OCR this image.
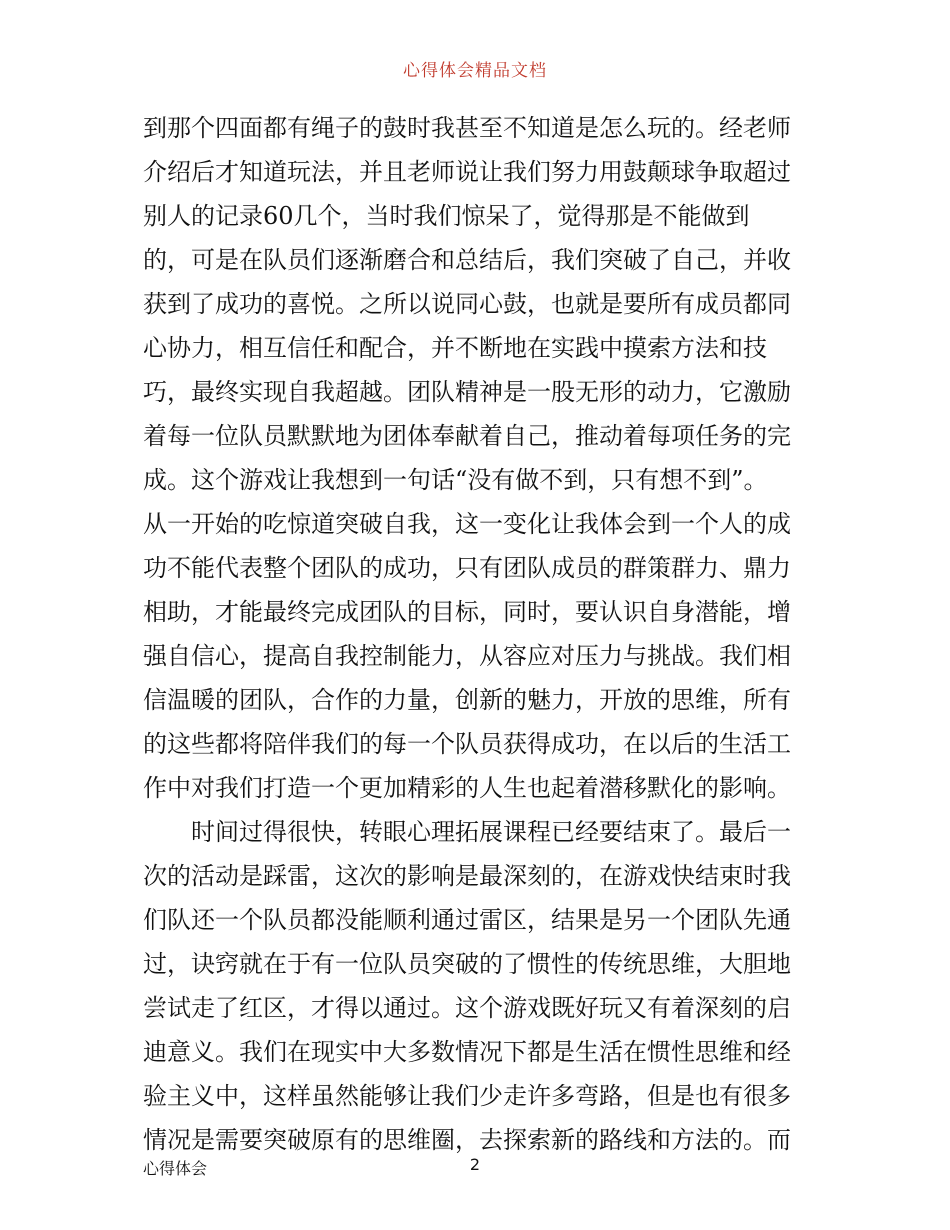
心得体会精品文档
到那个四面都有绳子的鼓时我甚至不知道是怎么玩的。经老师
介绍后才知道玩法，并且老师说让我们努力用鼓颠球争取超过
别人的记录60几个，当时我们惊呆了，觉得那是不能做到
的，可是在队员们逐渐磨合和总结后，我们突破了自己，并收
获到了成功的喜悦。之所以说同心鼓，也就是要所有成员都同
心协力，相互信任和配合，并不断地在实践中摸索方法和技
巧，最终实现自我超越。团队精神是一股无形的动力，它激励
着每一位队员默默地为团体奉献着自己，推动着每项任务的完
成。这个游戏让我想到一句话“没有做不到，只有想不到”。
从一开始的吃惊道突破自我，这一变化让我体会到一个人的成
功不能代表整个团队的成功，只有团队成员的群策群力、鼎力
相助，才能最终完成团队的目标，同时，要认识自身潜能，增
强自信心，提高自我控制能力，从容应对压力与挑战。我们相
信温暖的团队，合作的力量，创新的魅力，开放的思维，所有
的这些都将陪伴我们的每一个队员获得成功，在以后的生活工
作中对我们打造一个更加精彩的人生也起着潜移默化的影响。
时间过得很快，转眼心理拓展课程已经要结束了。最后一
次的活动是踩雷，这次的影响是最深刻的，在游戏快结束时我
们队还一个队员都没能顺利通过雷区，结果是另一个团队先通
过，诀窍就在于有一位队员突破的了惯性的传统思维，大胆地
尝试走了红区，才得以通过。这个游戏既好玩又有着深刻的启
迪意义。我们在现实中大多数情况下都是生活在惯性思维和经
验主义中，这样虽然能够让我们少走许多弯路，但是也有很多
情况是需要突破原有的思维圈，去探索新的路线和方法的。而
心得体会	2
